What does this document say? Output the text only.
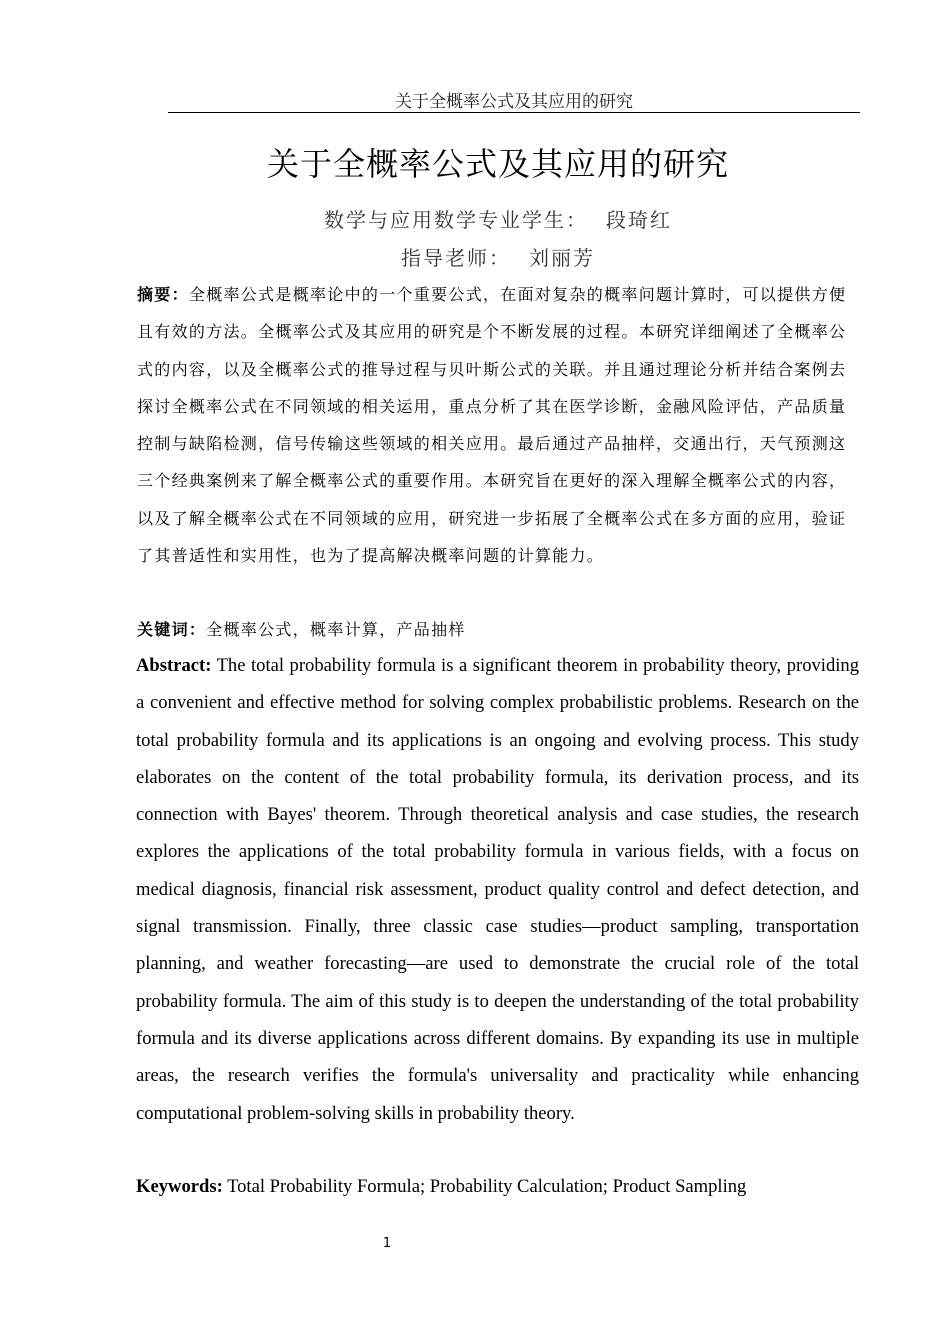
关于全概率公式及其应用的研究
关于全概率公式及其应用的研究
数学与应用数学专业学生： 段琦红
指导老师： 刘丽芳
摘要：全概率公式是概率论中的一个重要公式，在面对复杂的概率问题计算时，可以提供方便且有效的方法。全概率公式及其应用的研究是个不断发展的过程。本研究详细阐述了全概率公式的内容，以及全概率公式的推导过程与贝叶斯公式的关联。并且通过理论分析并结合案例去探讨全概率公式在不同领域的相关运用，重点分析了其在医学诊断，金融风险评估，产品质量控制与缺陷检测，信号传输这些领域的相关应用。最后通过产品抽样，交通出行，天气预测这三个经典案例来了解全概率公式的重要作用。本研究旨在更好的深入理解全概率公式的内容，以及了解全概率公式在不同领域的应用，研究进一步拓展了全概率公式在多方面的应用，验证了其普适性和实用性，也为了提高解决概率问题的计算能力。
关键词：全概率公式，概率计算，产品抽样
Abstract: The total probability formula is a significant theorem in probability theory, providing a convenient and effective method for solving complex probabilistic problems. Research on the total probability formula and its applications is an ongoing and evolving process. This study elaborates on the content of the total probability formula, its derivation process, and its connection with Bayes' theorem. Through theoretical analysis and case studies, the research explores the applications of the total probability formula in various fields, with a focus on medical diagnosis, financial risk assessment, product quality control and defect detection, and signal transmission. Finally, three classic case studies—product sampling, transportation planning, and weather forecasting—are used to demonstrate the crucial role of the total probability formula. The aim of this study is to deepen the understanding of the total probability formula and its diverse applications across different domains. By expanding its use in multiple areas, the research verifies the formula's universality and practicality while enhancing computational problem-solving skills in probability theory.
Keywords: Total Probability Formula; Probability Calculation; Product Sampling
1
